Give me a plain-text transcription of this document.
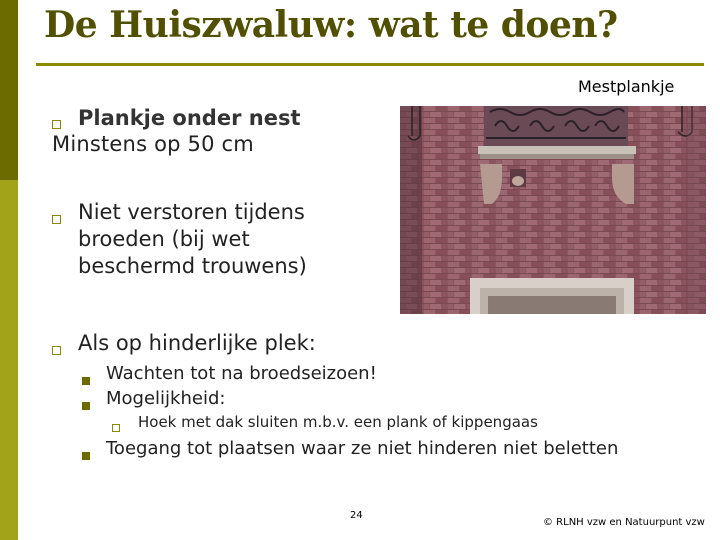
De Huiszwaluw: wat te doen?
Mestplankje
Plankje onder nest
Minstens op 50 cm
Niet verstoren tijdens broeden (bij wet beschermd trouwens)
Als op hinderlijke plek:
Wachten tot na broedseizoen!
Mogelijkheid:
Hoek met dak sluiten m.b.v. een plank of kippengaas
Toegang tot plaatsen waar ze niet hinderen niet beletten
24
© RLNH vzw en Natuurpunt vzw
